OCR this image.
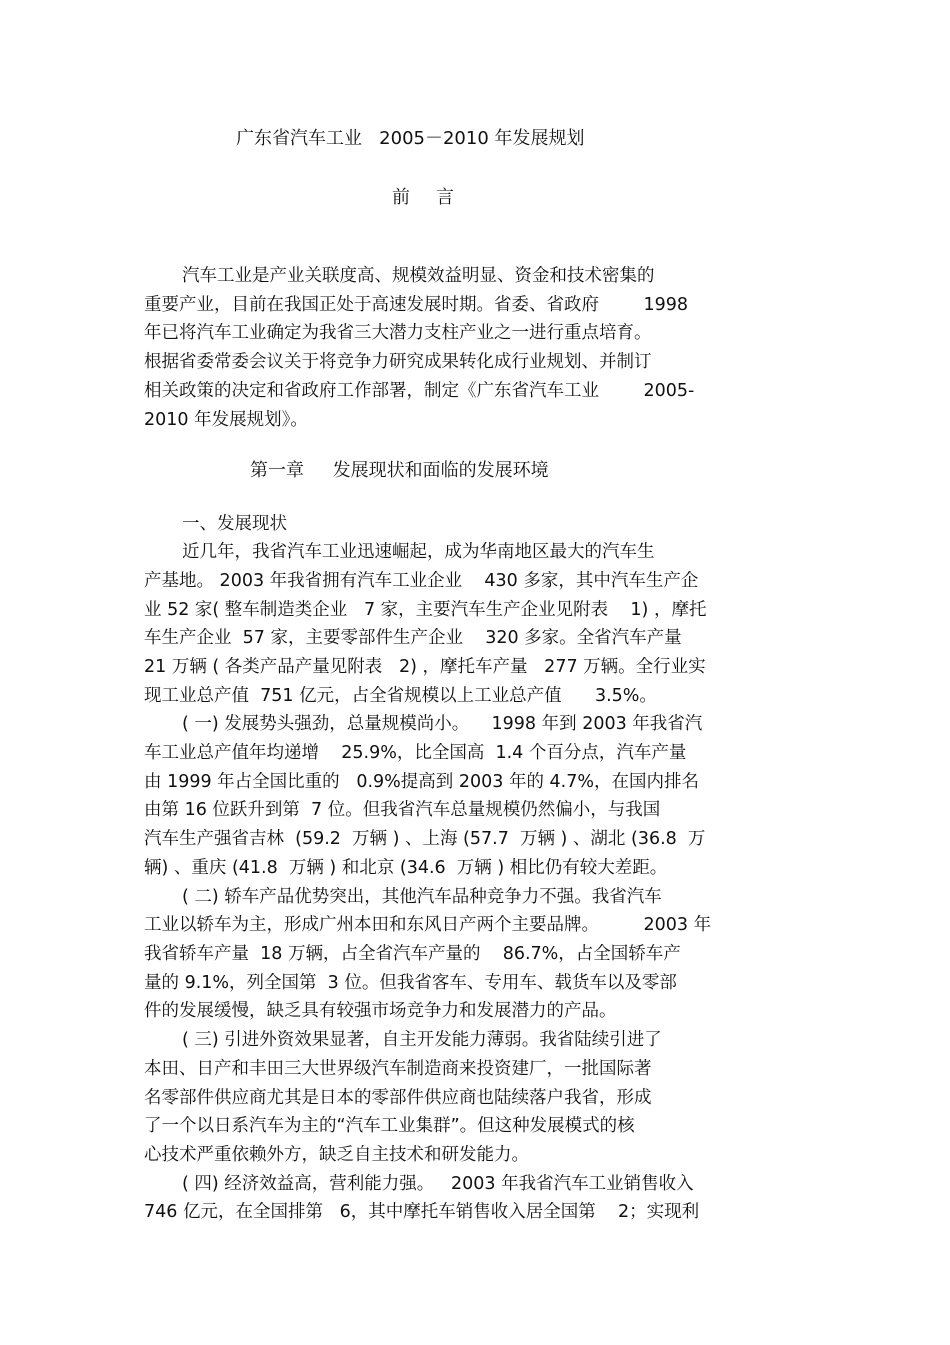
广东省汽车工业   2005－2010 年发展规划
前言
汽车工业是产业关联度高、规模效益明显、资金和技术密集的
重要产业，目前在我国正处于高速发展时期。省委、省政府        1998
年已将汽车工业确定为我省三大潜力支柱产业之一进行重点培育。
根据省委常委会议关于将竞争力研究成果转化成行业规划、并制订
相关政策的决定和省政府工作部署，制定《广东省汽车工业        2005-
2010 年发展规划》。
第一章     发展现状和面临的发展环境
一、发展现状
近几年，我省汽车工业迅速崛起，成为华南地区最大的汽车生
产基地。 2003 年我省拥有汽车工业企业    430 多家，其中汽车生产企
业 52 家( 整车制造类企业   7 家，主要汽车生产企业见附表    1) ，摩托
车生产企业  57 家，主要零部件生产企业    320 多家。全省汽车产量
21 万辆 ( 各类产品产量见附表   2) ，摩托车产量   277 万辆。全行业实
现工业总产值  751 亿元，占全省规模以上工业总产值      3.5%。
( 一) 发展势头强劲，总量规模尚小。    1998 年到 2003 年我省汽
车工业总产值年均递增    25.9%，比全国高  1.4 个百分点，汽车产量
由 1999 年占全国比重的   0.9%提高到 2003 年的 4.7%，在国内排名
由第 16 位跃升到第  7 位。但我省汽车总量规模仍然偏小，与我国
汽车生产强省吉林  (59.2  万辆 ) 、上海 (57.7  万辆 ) 、湖北 (36.8  万
辆) 、重庆 (41.8  万辆 ) 和北京 (34.6  万辆 ) 相比仍有较大差距。
( 二) 轿车产品优势突出，其他汽车品种竞争力不强。我省汽车
工业以轿车为主，形成广州本田和东风日产两个主要品牌。        2003 年
我省轿车产量  18 万辆，占全省汽车产量的    86.7%，占全国轿车产
量的 9.1%，列全国第  3 位。但我省客车、专用车、载货车以及零部
件的发展缓慢，缺乏具有较强市场竞争力和发展潜力的产品。
( 三) 引进外资效果显著，自主开发能力薄弱。我省陆续引进了
本田、日产和丰田三大世界级汽车制造商来投资建厂，一批国际著
名零部件供应商尤其是日本的零部件供应商也陆续落户我省，形成
了一个以日系汽车为主的“汽车工业集群”。但这种发展模式的核
心技术严重依赖外方，缺乏自主技术和研发能力。
( 四) 经济效益高，营利能力强。   2003 年我省汽车工业销售收入
746 亿元，在全国排第   6，其中摩托车销售收入居全国第    2；实现利
